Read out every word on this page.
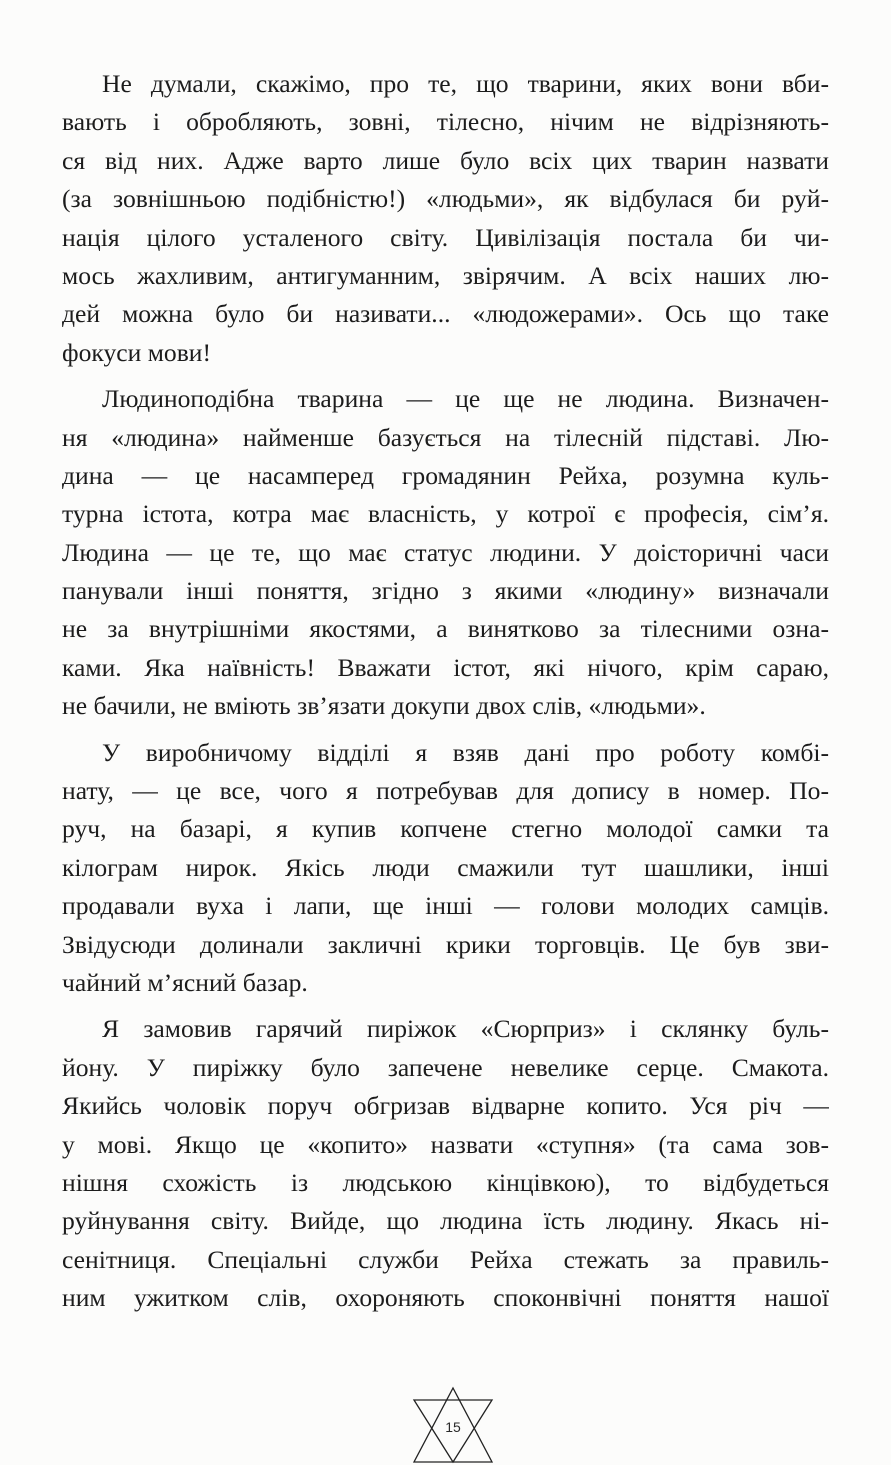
Не думали, скажімо, про те, що тварини, яких вони вби-
вають і обробляють, зовні, тілесно, нічим не відрізняють-
ся від них. Адже варто лише було всіх цих тварин назвати
(за зовнішньою подібністю!) «людьми», як відбулася би руй-
нація цілого усталеного світу. Цивілізація постала би чи-
мось жахливим, антигуманним, звірячим. А всіх наших лю-
дей можна було би називати... «людожерами». Ось що таке
фокуси мови!
Людиноподібна тварина — це ще не людина. Визначен-
ня «людина» найменше базується на тілесній підставі. Лю-
дина — це насамперед громадянин Рейха, розумна куль-
турна істота, котра має власність, у котрої є професія, сім’я.
Людина — це те, що має статус людини. У доісторичні часи
панували інші поняття, згідно з якими «людину» визначали
не за внутрішніми якостями, а винятково за тілесними озна-
ками. Яка наївність! Вважати істот, які нічого, крім сараю,
не бачили, не вміють зв’язати докупи двох слів, «людьми».
У виробничому відділі я взяв дані про роботу комбі-
нату, — це все, чого я потребував для допису в номер. По-
руч, на базарі, я купив копчене стегно молодої самки та
кілограм нирок. Якісь люди смажили тут шашлики, інші
продавали вуха і лапи, ще інші — голови молодих самців.
Звідусюди долинали закличні крики торговців. Це був зви-
чайний м’ясний базар.
Я замовив гарячий пиріжок «Сюрприз» і склянку буль-
йону. У пиріжку було запечене невелике серце. Смакота.
Якийсь чоловік поруч обгризав відварне копито. Уся річ —
у мові. Якщо це «копито» назвати «ступня» (та сама зов-
нішня схожість із людською кінцівкою), то відбудеться
руйнування світу. Вийде, що людина їсть людину. Якась ні-
сенітниця. Спеціальні служби Рейха стежать за правиль-
ним ужитком слів, охороняють споконвічні поняття нашої
15
